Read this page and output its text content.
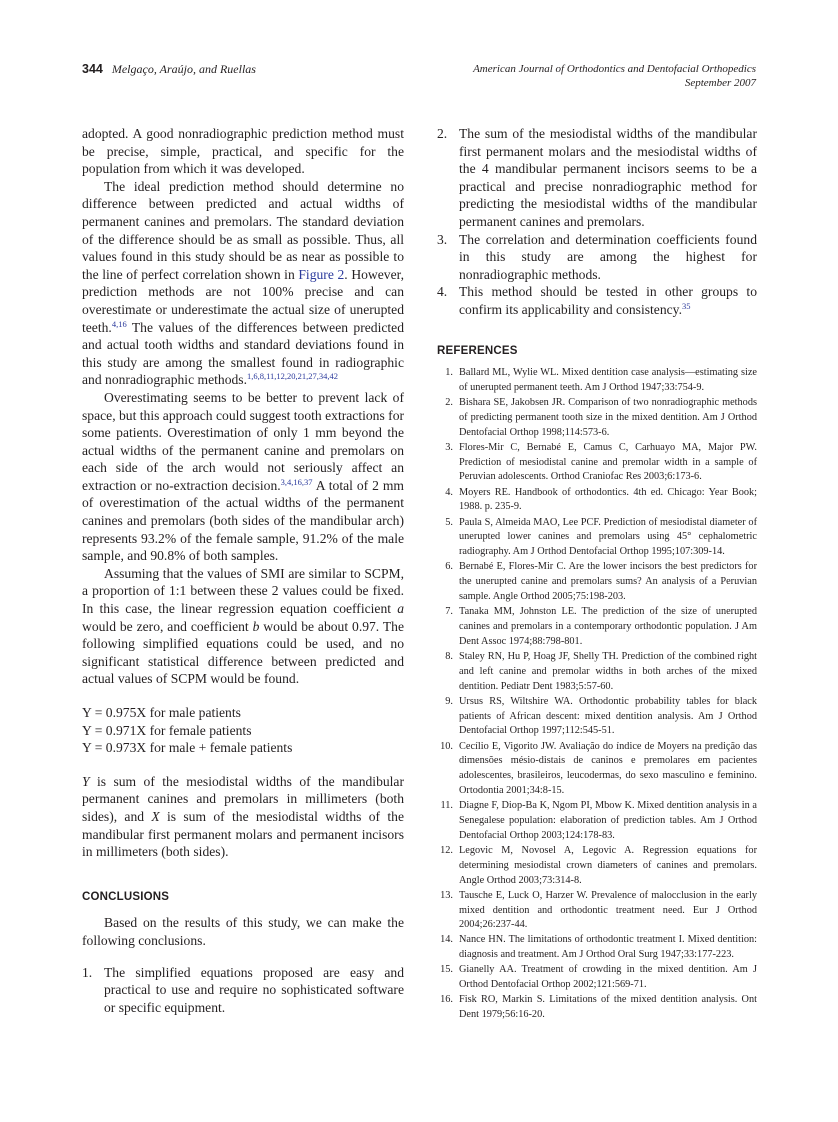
344 Melgaço, Araújo, and Ruellas	American Journal of Orthodontics and Dentofacial Orthopedics
September 2007

adopted. A good nonradiographic prediction method must be precise, simple, practical, and specific for the population from which it was developed.

The ideal prediction method should determine no difference between predicted and actual widths of permanent canines and premolars. The standard deviation of the difference should be as small as possible. Thus, all values found in this study should be as near as possible to the line of perfect correlation shown in Figure 2. However, prediction methods are not 100% precise and can overestimate or underestimate the actual size of unerupted teeth.$^{4,16}$ The values of the differences between predicted and actual tooth widths and standard deviations found in this study are among the smallest found in radiographic and nonradiographic methods.$^{1,6,8,11,12,20,21,27,34,42}$

Overestimating seems to be better to prevent lack of space, but this approach could suggest tooth extractions for some patients. Overestimation of only 1 mm beyond the actual widths of the permanent canine and premolars on each side of the arch would not seriously affect an extraction or no-extraction decision.$^{3,4,16,37}$ A total of 2 mm of overestimation of the actual widths of the permanent canines and premolars (both sides of the mandibular arch) represents 93.2% of the female sample, 91.2% of the male sample, and 90.8% of both samples.

Assuming that the values of SMI are similar to SCPM, a proportion of 1:1 between these 2 values could be fixed. In this case, the linear regression equation coefficient a would be zero, and coefficient b would be about 0.97. The following simplified equations could be used, and no significant statistical difference between predicted and actual values of SCPM would be found.

Y = 0.975X for male patients
Y = 0.971X for female patients
Y = 0.973X for male + female patients

Y is sum of the mesiodistal widths of the mandibular permanent canines and premolars in millimeters (both sides), and X is sum of the mesiodistal widths of the mandibular first permanent molars and permanent incisors in millimeters (both sides).

CONCLUSIONS

Based on the results of this study, we can make the following conclusions.

1. The simplified equations proposed are easy and practical to use and require no sophisticated software or specific equipment.
2. The sum of the mesiodistal widths of the mandibular first permanent molars and the mesiodistal widths of the 4 mandibular permanent incisors seems to be a practical and precise nonradiographic method for predicting the mesiodistal widths of the mandibular permanent canines and premolars.
3. The correlation and determination coefficients found in this study are among the highest for nonradiographic methods.
4. This method should be tested in other groups to confirm its applicability and consistency.$^{35}$
REFERENCES
1. Ballard ML, Wylie WL. Mixed dentition case analysis—estimating size of unerupted permanent teeth. Am J Orthod 1947;33:754-9.
2. Bishara SE, Jakobsen JR. Comparison of two nonradiographic methods of predicting permanent tooth size in the mixed dentition. Am J Orthod Dentofacial Orthop 1998;114:573-6.
3. Flores-Mir C, Bernabé E, Camus C, Carhuayo MA, Major PW. Prediction of mesiodistal canine and premolar width in a sample of Peruvian adolescents. Orthod Craniofac Res 2003;6:173-6.
4. Moyers RE. Handbook of orthodontics. 4th ed. Chicago: Year Book; 1988. p. 235-9.
5. Paula S, Almeida MAO, Lee PCF. Prediction of mesiodistal diameter of unerupted lower canines and premolars using 45° cephalometric radiography. Am J Orthod Dentofacial Orthop 1995;107:309-14.
6. Bernabé E, Flores-Mir C. Are the lower incisors the best predictors for the unerupted canine and premolars sums? An analysis of a Peruvian sample. Angle Orthod 2005;75:198-203.
7. Tanaka MM, Johnston LE. The prediction of the size of unerupted canines and premolars in a contemporary orthodontic population. J Am Dent Assoc 1974;88:798-801.
8. Staley RN, Hu P, Hoag JF, Shelly TH. Prediction of the combined right and left canine and premolar widths in both arches of the mixed dentition. Pediatr Dent 1983;5:57-60.
9. Ursus RS, Wiltshire WA. Orthodontic probability tables for black patients of African descent: mixed dentition analysis. Am J Orthod Dentofacial Orthop 1997;112:545-51.
10. Cecílio E, Vigorito JW. Avaliação do índice de Moyers na predição das dimensões mésio-distais de caninos e premolares em pacientes adolescentes, brasileiros, leucodermas, do sexo masculino e feminino. Ortodontia 2001;34:8-15.
11. Diagne F, Diop-Ba K, Ngom PI, Mbow K. Mixed dentition analysis in a Senegalese population: elaboration of prediction tables. Am J Orthod Dentofacial Orthop 2003;124:178-83.
12. Legovic M, Novosel A, Legovic A. Regression equations for determining mesiodistal crown diameters of canines and premolars. Angle Orthod 2003;73:314-8.
13. Tausche E, Luck O, Harzer W. Prevalence of malocclusion in the early mixed dentition and orthodontic treatment need. Eur J Orthod 2004;26:237-44.
14. Nance HN. The limitations of orthodontic treatment I. Mixed dentition: diagnosis and treatment. Am J Orthod Oral Surg 1947;33:177-223.
15. Gianelly AA. Treatment of crowding in the mixed dentition. Am J Orthod Dentofacial Orthop 2002;121:569-71.
16. Fisk RO, Markin S. Limitations of the mixed dentition analysis. Ont Dent 1979;56:16-20.
